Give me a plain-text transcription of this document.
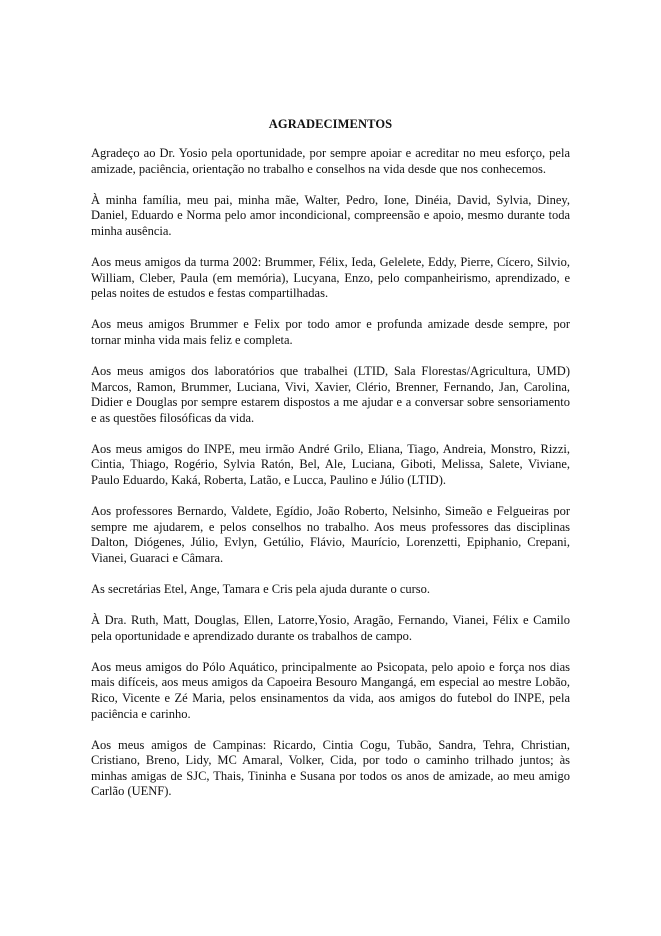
AGRADECIMENTOS

Agradeço ao Dr. Yosio pela oportunidade, por sempre apoiar e acreditar no meu esforço, pela amizade, paciência, orientação no trabalho e conselhos na vida desde que nos conhecemos.

À minha família, meu pai, minha mãe, Walter, Pedro, Ione, Dinéia, David, Sylvia, Diney, Daniel, Eduardo e Norma pelo amor incondicional, compreensão e apoio, mesmo durante toda minha ausência.

Aos meus amigos da turma 2002: Brummer, Félix, Ieda, Gelelete, Eddy, Pierre, Cícero, Silvio, William, Cleber, Paula (em memória), Lucyana, Enzo, pelo companheirismo, aprendizado, e pelas noites de estudos e festas compartilhadas.

Aos meus amigos Brummer e Felix por todo amor e profunda amizade desde sempre, por tornar minha vida mais feliz e completa.

Aos meus amigos dos laboratórios que trabalhei (LTID, Sala Florestas/Agricultura, UMD) Marcos, Ramon, Brummer, Luciana, Vivi, Xavier, Clério, Brenner, Fernando, Jan, Carolina, Didier e Douglas por sempre estarem dispostos a me ajudar e a conversar sobre sensoriamento e as questões filosóficas da vida.

Aos meus amigos do INPE, meu irmão André Grilo, Eliana, Tiago, Andreia, Monstro, Rizzi, Cintia, Thiago, Rogério, Sylvia Ratón, Bel, Ale, Luciana, Giboti, Melissa, Salete, Viviane, Paulo Eduardo, Kaká, Roberta, Latão, e Lucca, Paulino e Júlio (LTID).

Aos professores Bernardo, Valdete, Egídio, João Roberto, Nelsinho, Simeão e Felgueiras por sempre me ajudarem, e pelos conselhos no trabalho. Aos meus professores das disciplinas Dalton, Diógenes, Júlio, Evlyn, Getúlio, Flávio, Maurício, Lorenzetti, Epiphanio, Crepani, Vianei, Guaraci e Câmara.

As secretárias Etel, Ange, Tamara e Cris pela ajuda durante o curso.

À Dra. Ruth, Matt, Douglas, Ellen, Latorre,Yosio, Aragão, Fernando, Vianei, Félix e Camilo pela oportunidade e aprendizado durante os trabalhos de campo.

Aos meus amigos do Pólo Aquático, principalmente ao Psicopata, pelo apoio e força nos dias mais difíceis, aos meus amigos da Capoeira Besouro Mangangá, em especial ao mestre Lobão, Rico, Vicente e Zé Maria, pelos ensinamentos da vida, aos amigos do futebol do INPE, pela paciência e carinho.

Aos meus amigos de Campinas: Ricardo, Cintia Cogu, Tubão, Sandra, Tehra, Christian, Cristiano, Breno, Lidy, MC Amaral, Volker, Cida, por todo o caminho trilhado juntos; às minhas amigas de SJC, Thais, Tininha e Susana por todos os anos de amizade, ao meu amigo Carlão (UENF).
